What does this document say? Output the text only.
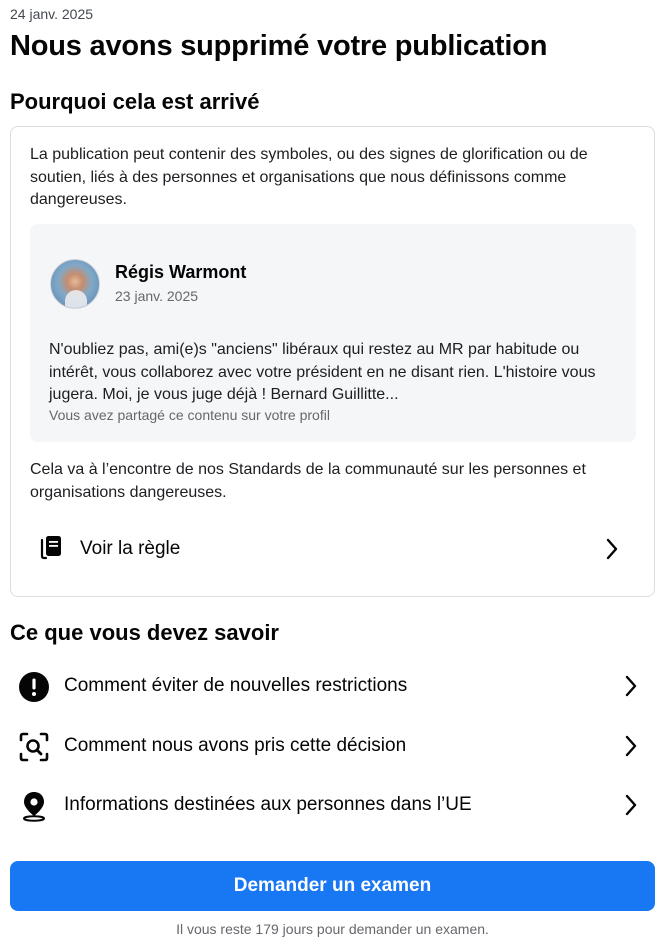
24 janv. 2025
Nous avons supprimé votre publication
Pourquoi cela est arrivé

La publication peut contenir des symboles, ou des signes de glorification ou de soutien, liés à des personnes et organisations que nous définissons comme dangereuses.

Régis Warmont
23 janv. 2025

N'oubliez pas, ami(e)s "anciens" libéraux qui restez au MR par habitude ou intérêt, vous collaborez avec votre président en ne disant rien. L'histoire vous jugera. Moi, je vous juge déjà ! Bernard Guillitte...

Vous avez partagé ce contenu sur votre profil

Cela va à l’encontre de nos Standards de la communauté sur les personnes et organisations dangereuses.

Voir la règle
Ce que vous devez savoir
Comment éviter de nouvelles restrictions
Comment nous avons pris cette décision
Informations destinées aux personnes dans l’UE
Demander un examen
Il vous reste 179 jours pour demander un examen.
